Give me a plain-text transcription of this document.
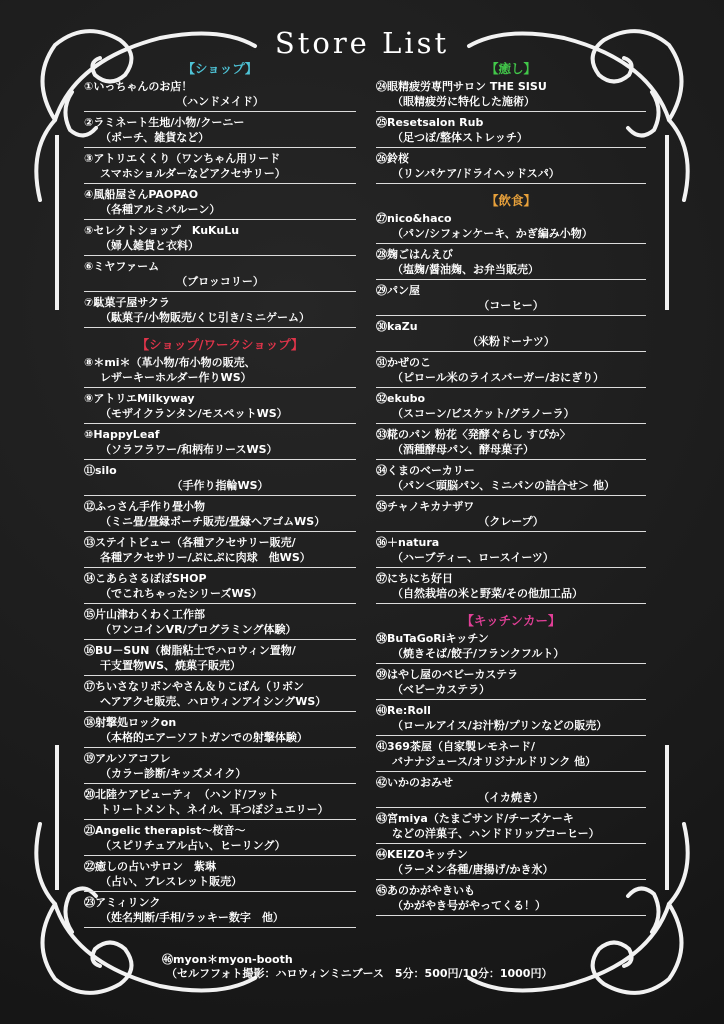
Store List
【ショップ】
①いっちゃんのお店！
（ハンドメイド）
②ラミネート生地/小物/クーニー
（ポーチ、雑貨など）
③アトリエくくり（ワンちゃん用リード
スマホショルダーなどアクセサリー）
④風船屋さんPAOPAO
（各種アルミバルーン）
⑤セレクトショップ　KuKuLu
（婦人雑貨と衣料）
⑥ミヤファーム
（ブロッコリー）
⑦駄菓子屋サクラ
（駄菓子/小物販売/くじ引き/ミニゲーム）
【ショップ/ワークショップ】
⑧＊mi＊（革小物/布小物の販売、
レザーキーホルダー作りWS）
⑨アトリエMilkyway
（モザイクランタン/モスペットWS）
⑩HappyLeaf
（ソラフラワー/和柄布リースWS）
⑪silo
（手作り指輪WS）
⑫ふっさん手作り畳小物
（ミニ畳/畳縁ポーチ販売/畳縁ヘアゴムWS）
⑬ステイトビュー（各種アクセサリー販売/
各種アクセサリー/ぷにぷに肉球　他WS）
⑭こあらさるぼぼSHOP
（でこれちゃったシリーズWS）
⑮片山津わくわく工作部
（ワンコインVR/プログラミング体験）
⑯BU－SUN（樹脂粘土でハロウィン置物/
干支置物WS、焼菓子販売）
⑰ちいさなリボンやさん＆りこぱん（リボン
ヘアアクセ販売、ハロウィンアイシングWS）
⑱射撃処ロックon
（本格的エアーソフトガンでの射撃体験）
⑲アルソアコフレ
（カラー診断/キッズメイク）
⑳北陸ケアビューティ　（ハンド/フット
トリートメント、ネイル、耳つぼジュエリー）
㉑Angelic therapist～桜音～
（スピリチュアル占い、ヒーリング）
㉒癒しの占いサロン　紫琳
（占い、ブレスレット販売）
㉓アミィリンク
（姓名判断/手相/ラッキー数字　他）
【癒し】
㉔眼精疲労専門サロン THE SISU
（眼精疲労に特化した施術）
㉕Resetsalon Rub
（足つぼ/整体ストレッチ）
㉖鈴桜
（リンパケア/ドライヘッドスパ）
【飲食】
㉗nico&haco
（パン/シフォンケーキ、かぎ編み小物）
㉘麹ごはんえび
（塩麹/醤油麹、お弁当販売）
㉙パン屋
（コーヒー）
㉚kaZu
（米粉ドーナツ）
㉛かぜのこ
（ピロール米のライスバーガー/おにぎり）
㉜ekubo
（スコーン/ビスケット/グラノーラ）
㉝糀のパン 粉花〈発酵ぐらし すぴか〉
（酒種酵母パン、酵母菓子）
㉞くまのベーカリー
（パン＜頭脳パン、ミニパンの詰合せ＞ 他）
㉟チャノキカナザワ
（クレープ）
㊱＋natura
（ハーブティー、ロースイーツ）
㊲にちにち好日
（自然栽培の米と野菜/その他加工品）
【キッチンカー】
㊳BuTaGoRiキッチン
（焼きそば/餃子/フランクフルト）
㊴はやし屋のベビーカステラ
（ベビーカステラ）
㊵Re:Roll
（ロールアイス/お汁粉/プリンなどの販売）
㊶369茶屋（自家製レモネード/
バナナジュース/オリジナルドリンク 他）
㊷いかのおみせ
（イカ焼き）
㊸宮miya（たまごサンド/チーズケーキ
などの洋菓子、ハンドドリップコーヒー）
㊹KEIZOキッチン
（ラーメン各種/唐揚げ/かき氷）
㊺あのかがやきいも
（かがやき号がやってくる！）
㊻myon＊myon-booth
（セルフフォト撮影：ハロウィンミニブース　5分：500円/10分：1000円）
